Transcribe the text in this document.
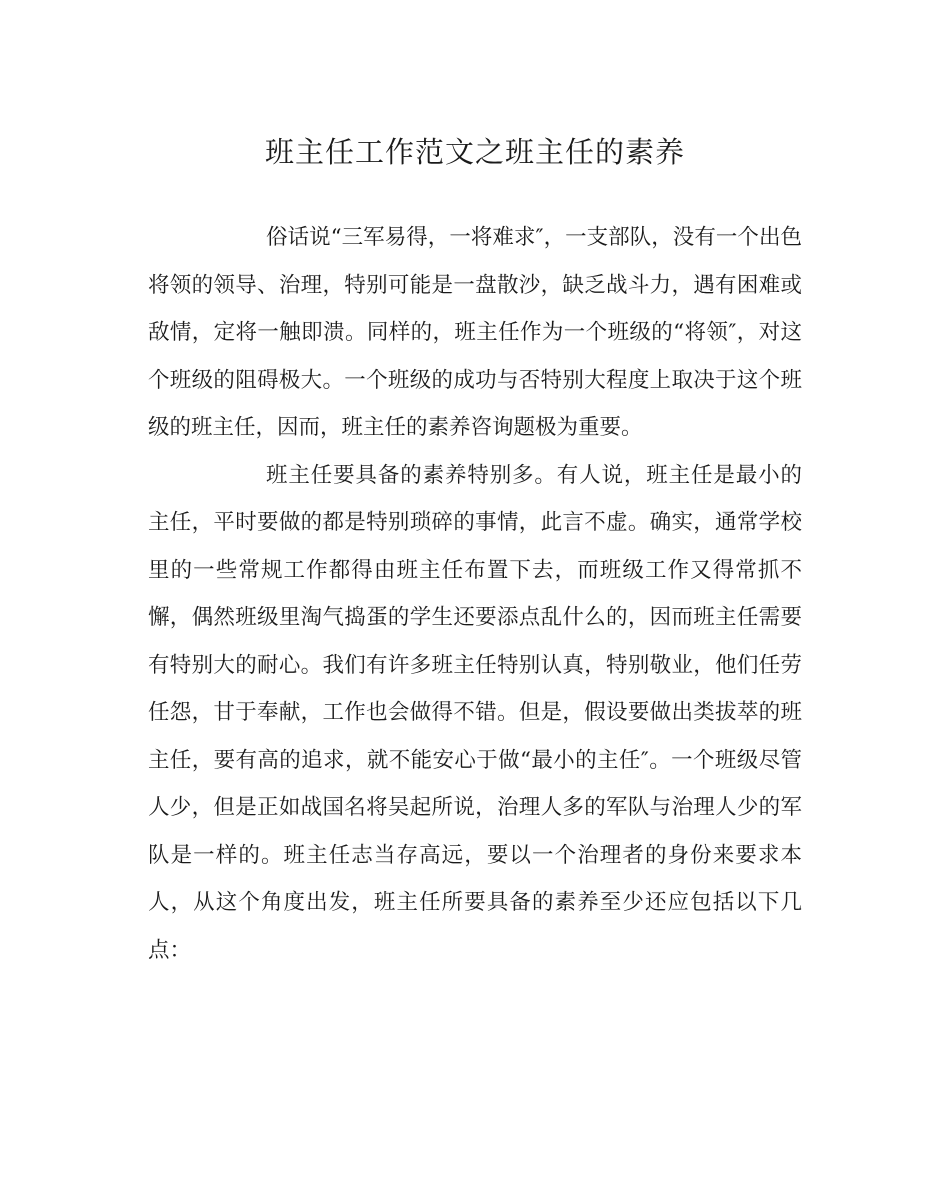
班主任工作范文之班主任的素养

俗话说“三军易得，一将难求″，一支部队，没有一个出色将领的领导、治理，特别可能是一盘散沙，缺乏战斗力，遇有困难或敌情，定将一触即溃。同样的，班主任作为一个班级的“将领″，对这个班级的阻碍极大。一个班级的成功与否特别大程度上取决于这个班级的班主任，因而，班主任的素养咨询题极为重要。

班主任要具备的素养特别多。有人说，班主任是最小的主任，平时要做的都是特别琐碎的事情，此言不虚。确实，通常学校里的一些常规工作都得由班主任布置下去，而班级工作又得常抓不懈，偶然班级里淘气捣蛋的学生还要添点乱什么的，因而班主任需要有特别大的耐心。我们有许多班主任特别认真，特别敬业，他们任劳任怨，甘于奉献，工作也会做得不错。但是，假设要做出类拔萃的班主任，要有高的追求，就不能安心于做“最小的主任″。一个班级尽管人少，但是正如战国名将吴起所说，治理人多的军队与治理人少的军队是一样的。班主任志当存高远，要以一个治理者的身份来要求本人，从这个角度出发，班主任所要具备的素养至少还应包括以下几点：
